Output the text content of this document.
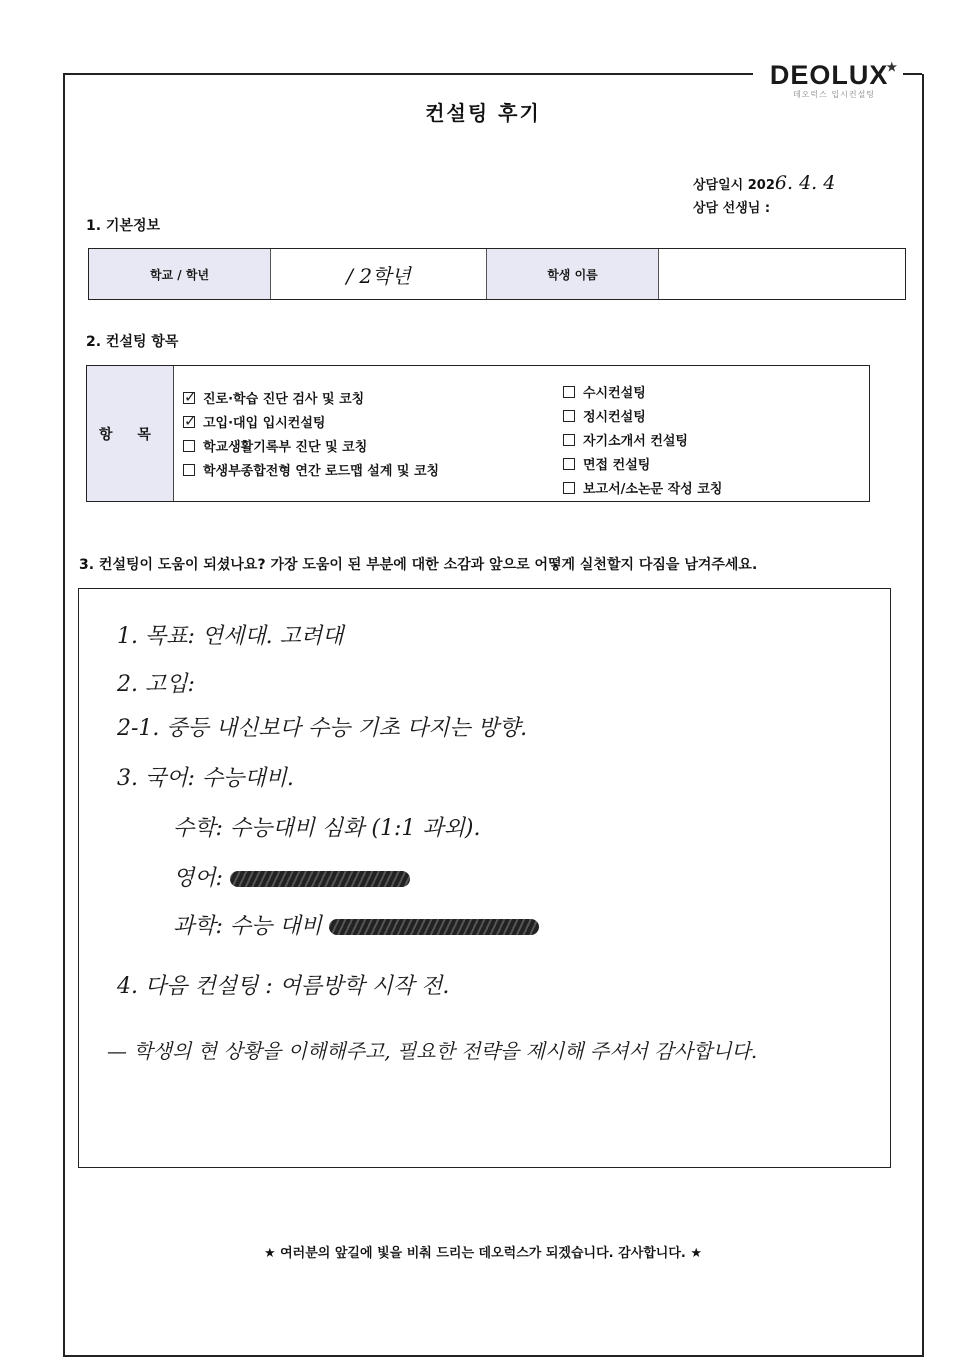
DEOLUX★
데오럭스 입시컨설팅
컨설팅 후기
상담일시 2026. 4. 4
상담 선생님 :
1. 기본정보
학교 / 학년	/ 2학년	학생 이름
2. 컨설팅 항목
항 목
✓진로·학습 진단 검사 및 코칭
✓고입·대입 입시컨설팅
학교생활기록부 진단 및 코칭
학생부종합전형 연간 로드맵 설계 및 코칭
수시컨설팅
정시컨설팅
자기소개서 컨설팅
면접 컨설팅
보고서/소논문 작성 코칭
3. 컨설팅이 도움이 되셨나요? 가장 도움이 된 부분에 대한 소감과 앞으로 어떻게 실천할지 다짐을 남겨주세요.
1. 목표: 연세대. 고려대
2. 고입:
2-1. 중등 내신보다 수능 기초 다지는 방향.
3. 국어: 수능대비.
수학: 수능대비 심화 (1:1 과외).
영어:
과학: 수능 대비
4. 다음 컨설팅 : 여름방학 시작 전.
— 학생의 현 상황을 이해해주고, 필요한 전략을 제시해 주셔서 감사합니다.
★ 여러분의 앞길에 빛을 비춰 드리는 데오럭스가 되겠습니다. 감사합니다. ★
